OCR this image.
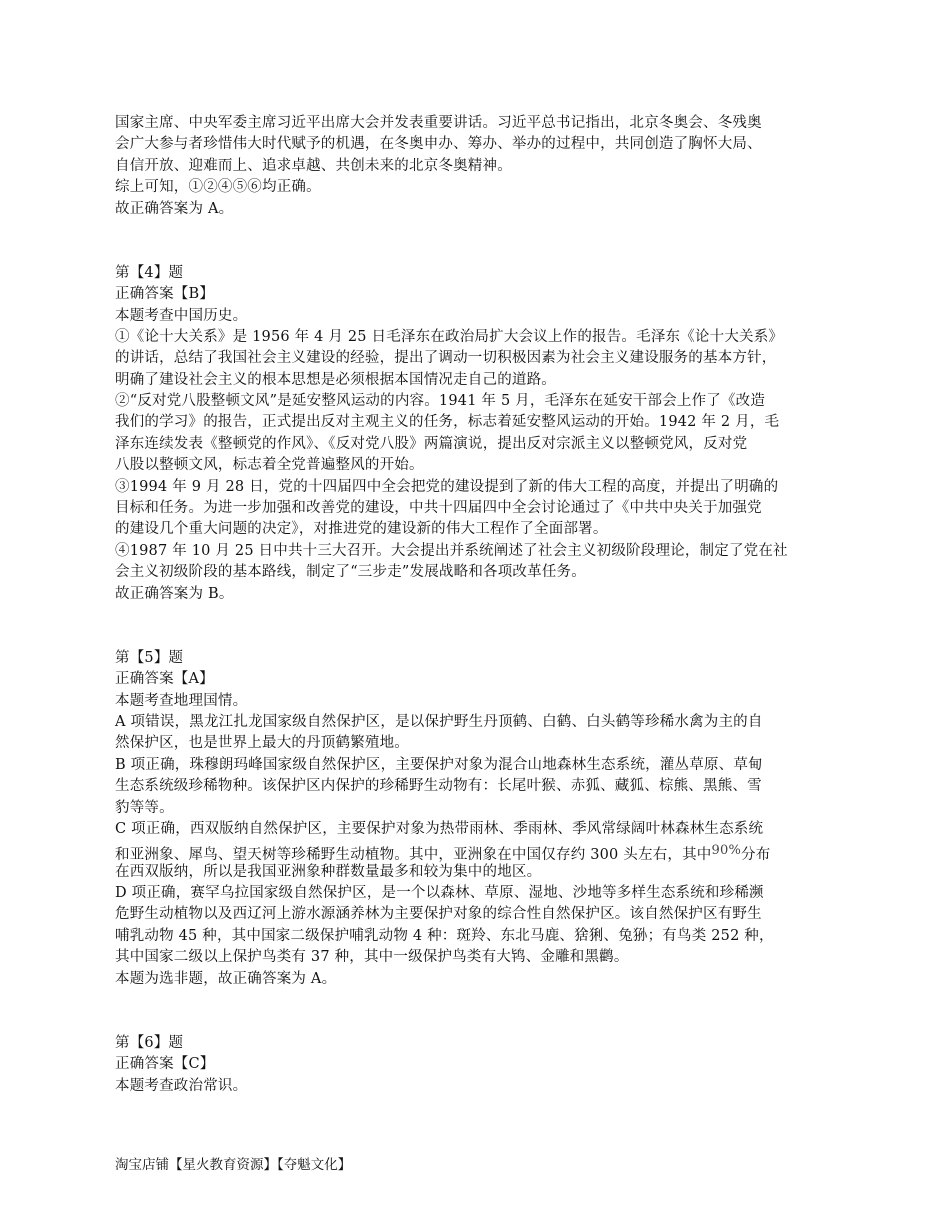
国家主席、中央军委主席习近平出席大会并发表重要讲话。习近平总书记指出，北京冬奥会、冬残奥
会广大参与者珍惜伟大时代赋予的机遇，在冬奥申办、筹办、举办的过程中，共同创造了胸怀大局、
自信开放、迎难而上、追求卓越、共创未来的北京冬奥精神。
综上可知，①②④⑤⑥均正确。
故正确答案为 A。
第【4】题
正确答案【B】
本题考查中国历史。
①《论十大关系》是 1956 年 4 月 25 日毛泽东在政治局扩大会议上作的报告。毛泽东《论十大关系》
的讲话，总结了我国社会主义建设的经验，提出了调动一切积极因素为社会主义建设服务的基本方针，
明确了建设社会主义的根本思想是必须根据本国情况走自己的道路。
②“反对党八股整顿文风”是延安整风运动的内容。1941 年 5 月，毛泽东在延安干部会上作了《改造
我们的学习》的报告，正式提出反对主观主义的任务，标志着延安整风运动的开始。1942 年 2 月，毛
泽东连续发表《整顿党的作风》、《反对党八股》两篇演说，提出反对宗派主义以整顿党风，反对党
八股以整顿文风，标志着全党普遍整风的开始。
③1994 年 9 月 28 日，党的十四届四中全会把党的建设提到了新的伟大工程的高度，并提出了明确的
目标和任务。为进一步加强和改善党的建设，中共十四届四中全会讨论通过了《中共中央关于加强党
的建设几个重大问题的决定》，对推进党的建设新的伟大工程作了全面部署。
④1987 年 10 月 25 日中共十三大召开。大会提出并系统阐述了社会主义初级阶段理论，制定了党在社
会主义初级阶段的基本路线，制定了“三步走”发展战略和各项改革任务。
故正确答案为 B。
第【5】题
正确答案【A】
本题考查地理国情。
A 项错误，黑龙江扎龙国家级自然保护区，是以保护野生丹顶鹤、白鹤、白头鹤等珍稀水禽为主的自
然保护区，也是世界上最大的丹顶鹤繁殖地。
B 项正确，珠穆朗玛峰国家级自然保护区，主要保护对象为混合山地森林生态系统，灌丛草原、草甸
生态系统级珍稀物种。该保护区内保护的珍稀野生动物有：长尾叶猴、赤狐、藏狐、棕熊、黑熊、雪
豹等等。
C 项正确，西双版纳自然保护区，主要保护对象为热带雨林、季雨林、季风常绿阔叶林森林生态系统
和亚洲象、犀鸟、望天树等珍稀野生动植物。其中，亚洲象在中国仅存约 300 头左右，其中90%分布
在西双版纳，所以是我国亚洲象种群数量最多和较为集中的地区。
D 项正确，赛罕乌拉国家级自然保护区，是一个以森林、草原、湿地、沙地等多样生态系统和珍稀濒
危野生动植物以及西辽河上游水源涵养林为主要保护对象的综合性自然保护区。该自然保护区有野生
哺乳动物 45 种，其中国家二级保护哺乳动物 4 种：斑羚、东北马鹿、猞猁、兔狲；有鸟类 252 种，
其中国家二级以上保护鸟类有 37 种，其中一级保护鸟类有大鸨、金雕和黑鹳。
本题为选非题，故正确答案为 A。
第【6】题
正确答案【C】
本题考查政治常识。
淘宝店铺【星火教育资源】【夺魁文化】
